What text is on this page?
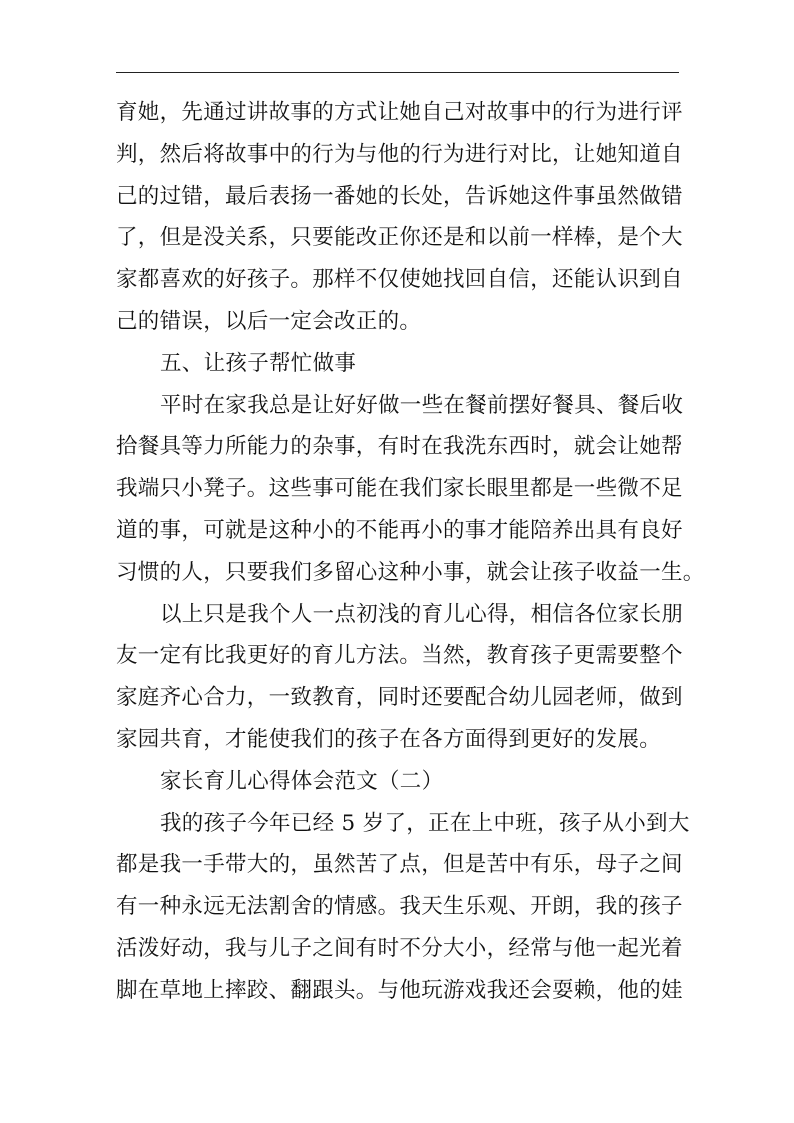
育她，先通过讲故事的方式让她自己对故事中的行为进行评
判，然后将故事中的行为与他的行为进行对比，让她知道自
己的过错，最后表扬一番她的长处，告诉她这件事虽然做错
了，但是没关系，只要能改正你还是和以前一样棒，是个大
家都喜欢的好孩子。那样不仅使她找回自信，还能认识到自
己的错误，以后一定会改正的。
五、让孩子帮忙做事
平时在家我总是让好好做一些在餐前摆好餐具、餐后收
拾餐具等力所能力的杂事，有时在我洗东西时，就会让她帮
我端只小凳子。这些事可能在我们家长眼里都是一些微不足
道的事，可就是这种小的不能再小的事才能陪养出具有良好
习惯的人，只要我们多留心这种小事，就会让孩子收益一生。
以上只是我个人一点初浅的育儿心得，相信各位家长朋
友一定有比我更好的育儿方法。当然，教育孩子更需要整个
家庭齐心合力，一致教育，同时还要配合幼儿园老师，做到
家园共育，才能使我们的孩子在各方面得到更好的发展。
家长育儿心得体会范文（二）
我的孩子今年已经 5 岁了，正在上中班，孩子从小到大
都是我一手带大的，虽然苦了点，但是苦中有乐，母子之间
有一种永远无法割舍的情感。我天生乐观、开朗，我的孩子
活泼好动，我与儿子之间有时不分大小，经常与他一起光着
脚在草地上摔跤、翻跟头。与他玩游戏我还会耍赖，他的娃
